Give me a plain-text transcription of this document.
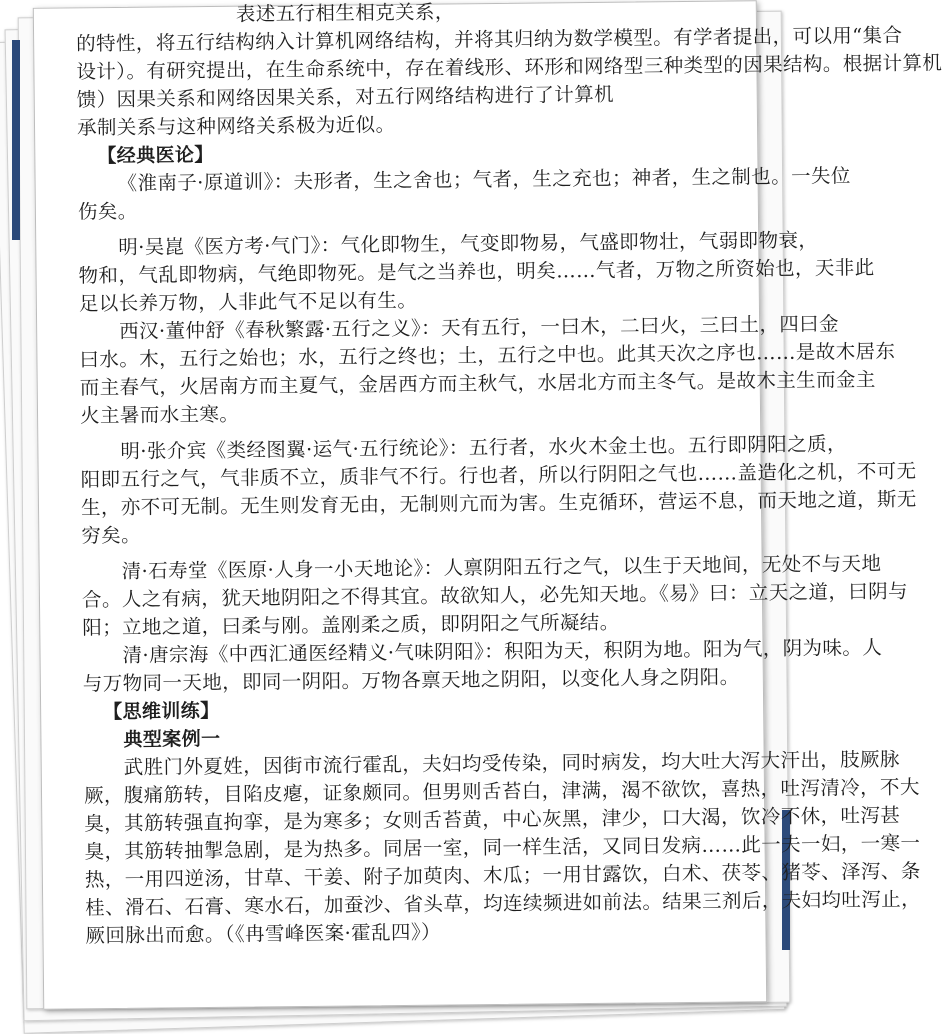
表述五行相生相克关系，

的特性，将五行结构纳入计算机网络结构，并将其归纳为数学模型。有学者提出，可以用“集合

设计）。有研究提出，在生命系统中，存在着线形、环形和网络型三种类型的因果结构。根据计算机

馈）因果关系和网络因果关系，对五行网络结构进行了计算机

承制关系与这种网络关系极为近似。

【经典医论】

《淮南子·原道训》：夫形者，生之舍也；气者，生之充也；神者，生之制也。一失位

伤矣。

明·吴崑《医方考·气门》：气化即物生，气变即物易，气盛即物壮，气弱即物衰，

物和，气乱即物病，气绝即物死。是气之当养也，明矣……气者，万物之所资始也，天非此

足以长养万物，人非此气不足以有生。

西汉·董仲舒《春秋繁露·五行之义》：天有五行，一曰木，二曰火，三曰土，四曰金

曰水。木，五行之始也；水，五行之终也；土，五行之中也。此其天次之序也……是故木居东

而主春气，火居南方而主夏气，金居西方而主秋气，水居北方而主冬气。是故木主生而金主

火主暑而水主寒。

明·张介宾《类经图翼·运气·五行统论》：五行者，水火木金土也。五行即阴阳之质，

阳即五行之气，气非质不立，质非气不行。行也者，所以行阴阳之气也……盖造化之机，不可无

生，亦不可无制。无生则发育无由，无制则亢而为害。生克循环，营运不息，而天地之道，斯无

穷矣。

清·石寿堂《医原·人身一小天地论》：人禀阴阳五行之气，以生于天地间，无处不与天地

合。人之有病，犹天地阴阳之不得其宜。故欲知人，必先知天地。《易》曰：立天之道，曰阴与

阳；立地之道，曰柔与刚。盖刚柔之质，即阴阳之气所凝结。

清·唐宗海《中西汇通医经精义·气味阴阳》：积阳为天，积阴为地。阳为气，阴为味。人

与万物同一天地，即同一阴阳。万物各禀天地之阴阳，以变化人身之阴阳。

【思维训练】

典型案例一

武胜门外夏姓，因街市流行霍乱，夫妇均受传染，同时病发，均大吐大泻大汗出，肢厥脉

厥，腹痛筋转，目陷皮瘪，证象颇同。但男则舌苔白，津满，渴不欲饮，喜热，吐泻清冷，不大

臭，其筋转强直拘挛，是为寒多；女则舌苔黄，中心灰黑，津少，口大渴，饮冷不休，吐泻甚

臭，其筋转抽掣急剧，是为热多。同居一室，同一样生活，又同日发病……此一夫一妇，一寒一

热，一用四逆汤，甘草、干姜、附子加萸肉、木瓜；一用甘露饮，白术、茯苓、猪苓、泽泻、条

桂、滑石、石膏、寒水石，加蚕沙、省头草，均连续频进如前法。结果三剂后，夫妇均吐泻止，

厥回脉出而愈。（《冉雪峰医案·霍乱四》）
